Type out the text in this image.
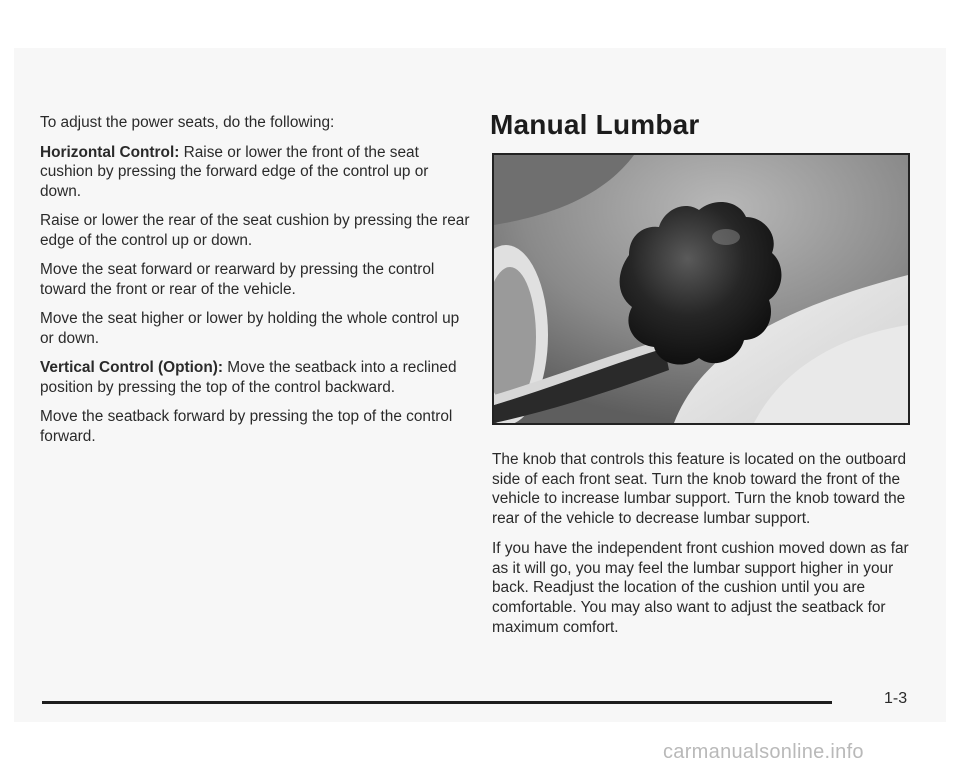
To adjust the power seats, do the following:

Horizontal Control: Raise or lower the front of the seat cushion by pressing the forward edge of the control up or down.

Raise or lower the rear of the seat cushion by pressing the rear edge of the control up or down.

Move the seat forward or rearward by pressing the control toward the front or rear of the vehicle.

Move the seat higher or lower by holding the whole control up or down.

Vertical Control (Option): Move the seatback into a reclined position by pressing the top of the control backward.

Move the seatback forward by pressing the top of the control forward.

Manual Lumbar

The knob that controls this feature is located on the outboard side of each front seat. Turn the knob toward the front of the vehicle to increase lumbar support. Turn the knob toward the rear of the vehicle to decrease lumbar support.

If you have the independent front cushion moved down as far as it will go, you may feel the lumbar support higher in your back. Readjust the location of the cushion until you are comfortable. You may also want to adjust the seatback for maximum comfort.

1-3
carmanualsonline.info
